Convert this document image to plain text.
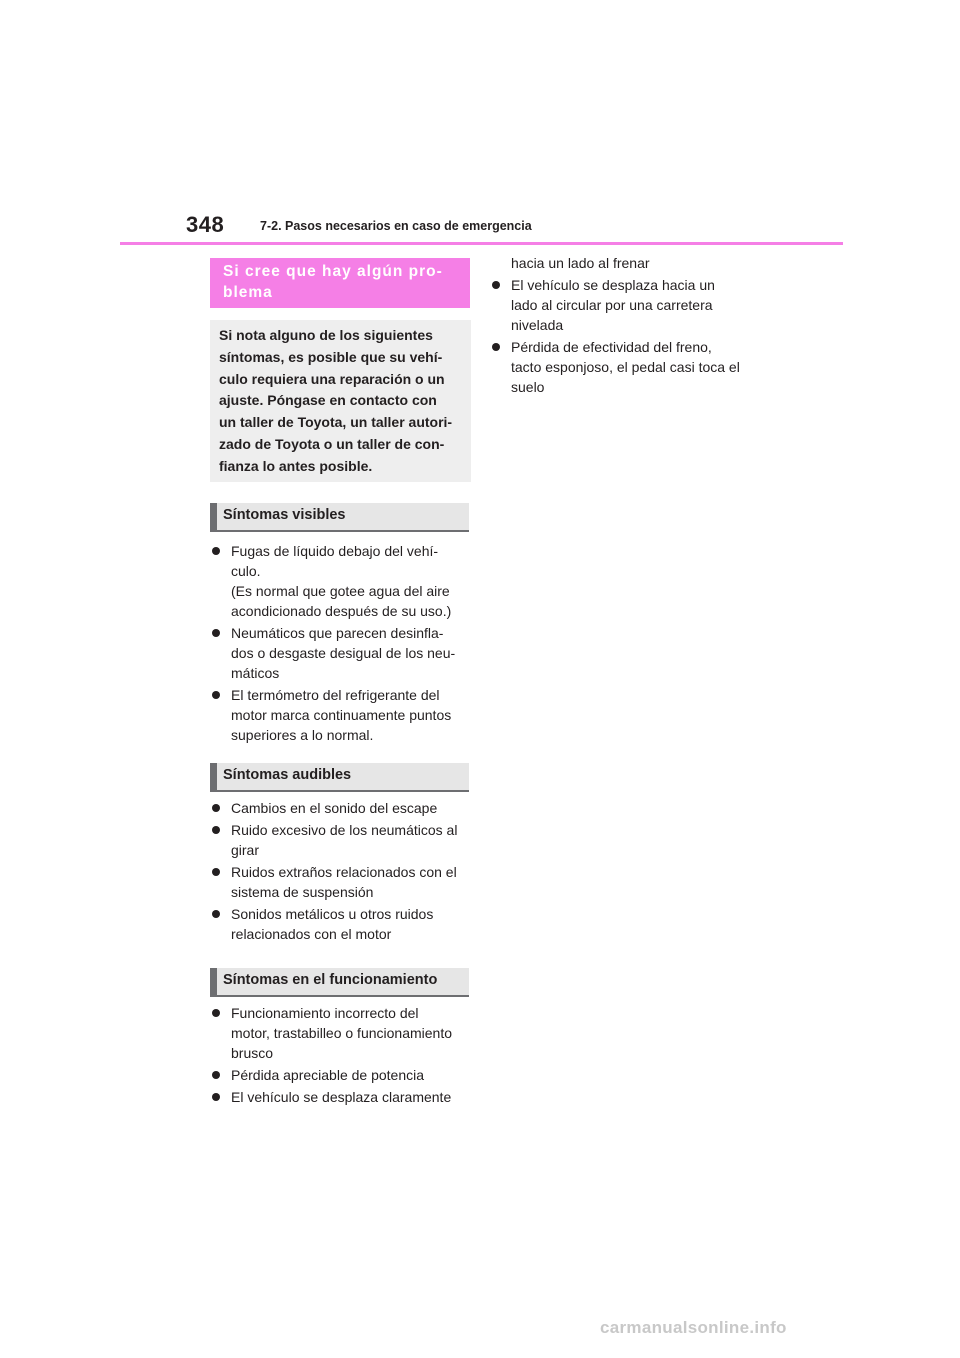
348	7-2. Pasos necesarios en caso de emergencia
Si cree que hay algún pro-
blema
Si nota alguno de los siguientes
síntomas, es posible que su vehí-
culo requiera una reparación o un
ajuste. Póngase en contacto con
un taller de Toyota, un taller autori-
zado de Toyota o un taller de con-
fianza lo antes posible.
Síntomas visibles
Fugas de líquido debajo del vehí-
culo.
(Es normal que gotee agua del aire
acondicionado después de su uso.)
Neumáticos que parecen desinfla-
dos o desgaste desigual de los neu-
máticos
El termómetro del refrigerante del
motor marca continuamente puntos
superiores a lo normal.
Síntomas audibles
Cambios en el sonido del escape
Ruido excesivo de los neumáticos al
girar
Ruidos extraños relacionados con el
sistema de suspensión
Sonidos metálicos u otros ruidos
relacionados con el motor
Síntomas en el funcionamiento
Funcionamiento incorrecto del
motor, trastabilleo o funcionamiento
brusco
Pérdida apreciable de potencia
El vehículo se desplaza claramente
hacia un lado al frenar
El vehículo se desplaza hacia un
lado al circular por una carretera
nivelada
Pérdida de efectividad del freno,
tacto esponjoso, el pedal casi toca el
suelo
carmanualsonline.info
